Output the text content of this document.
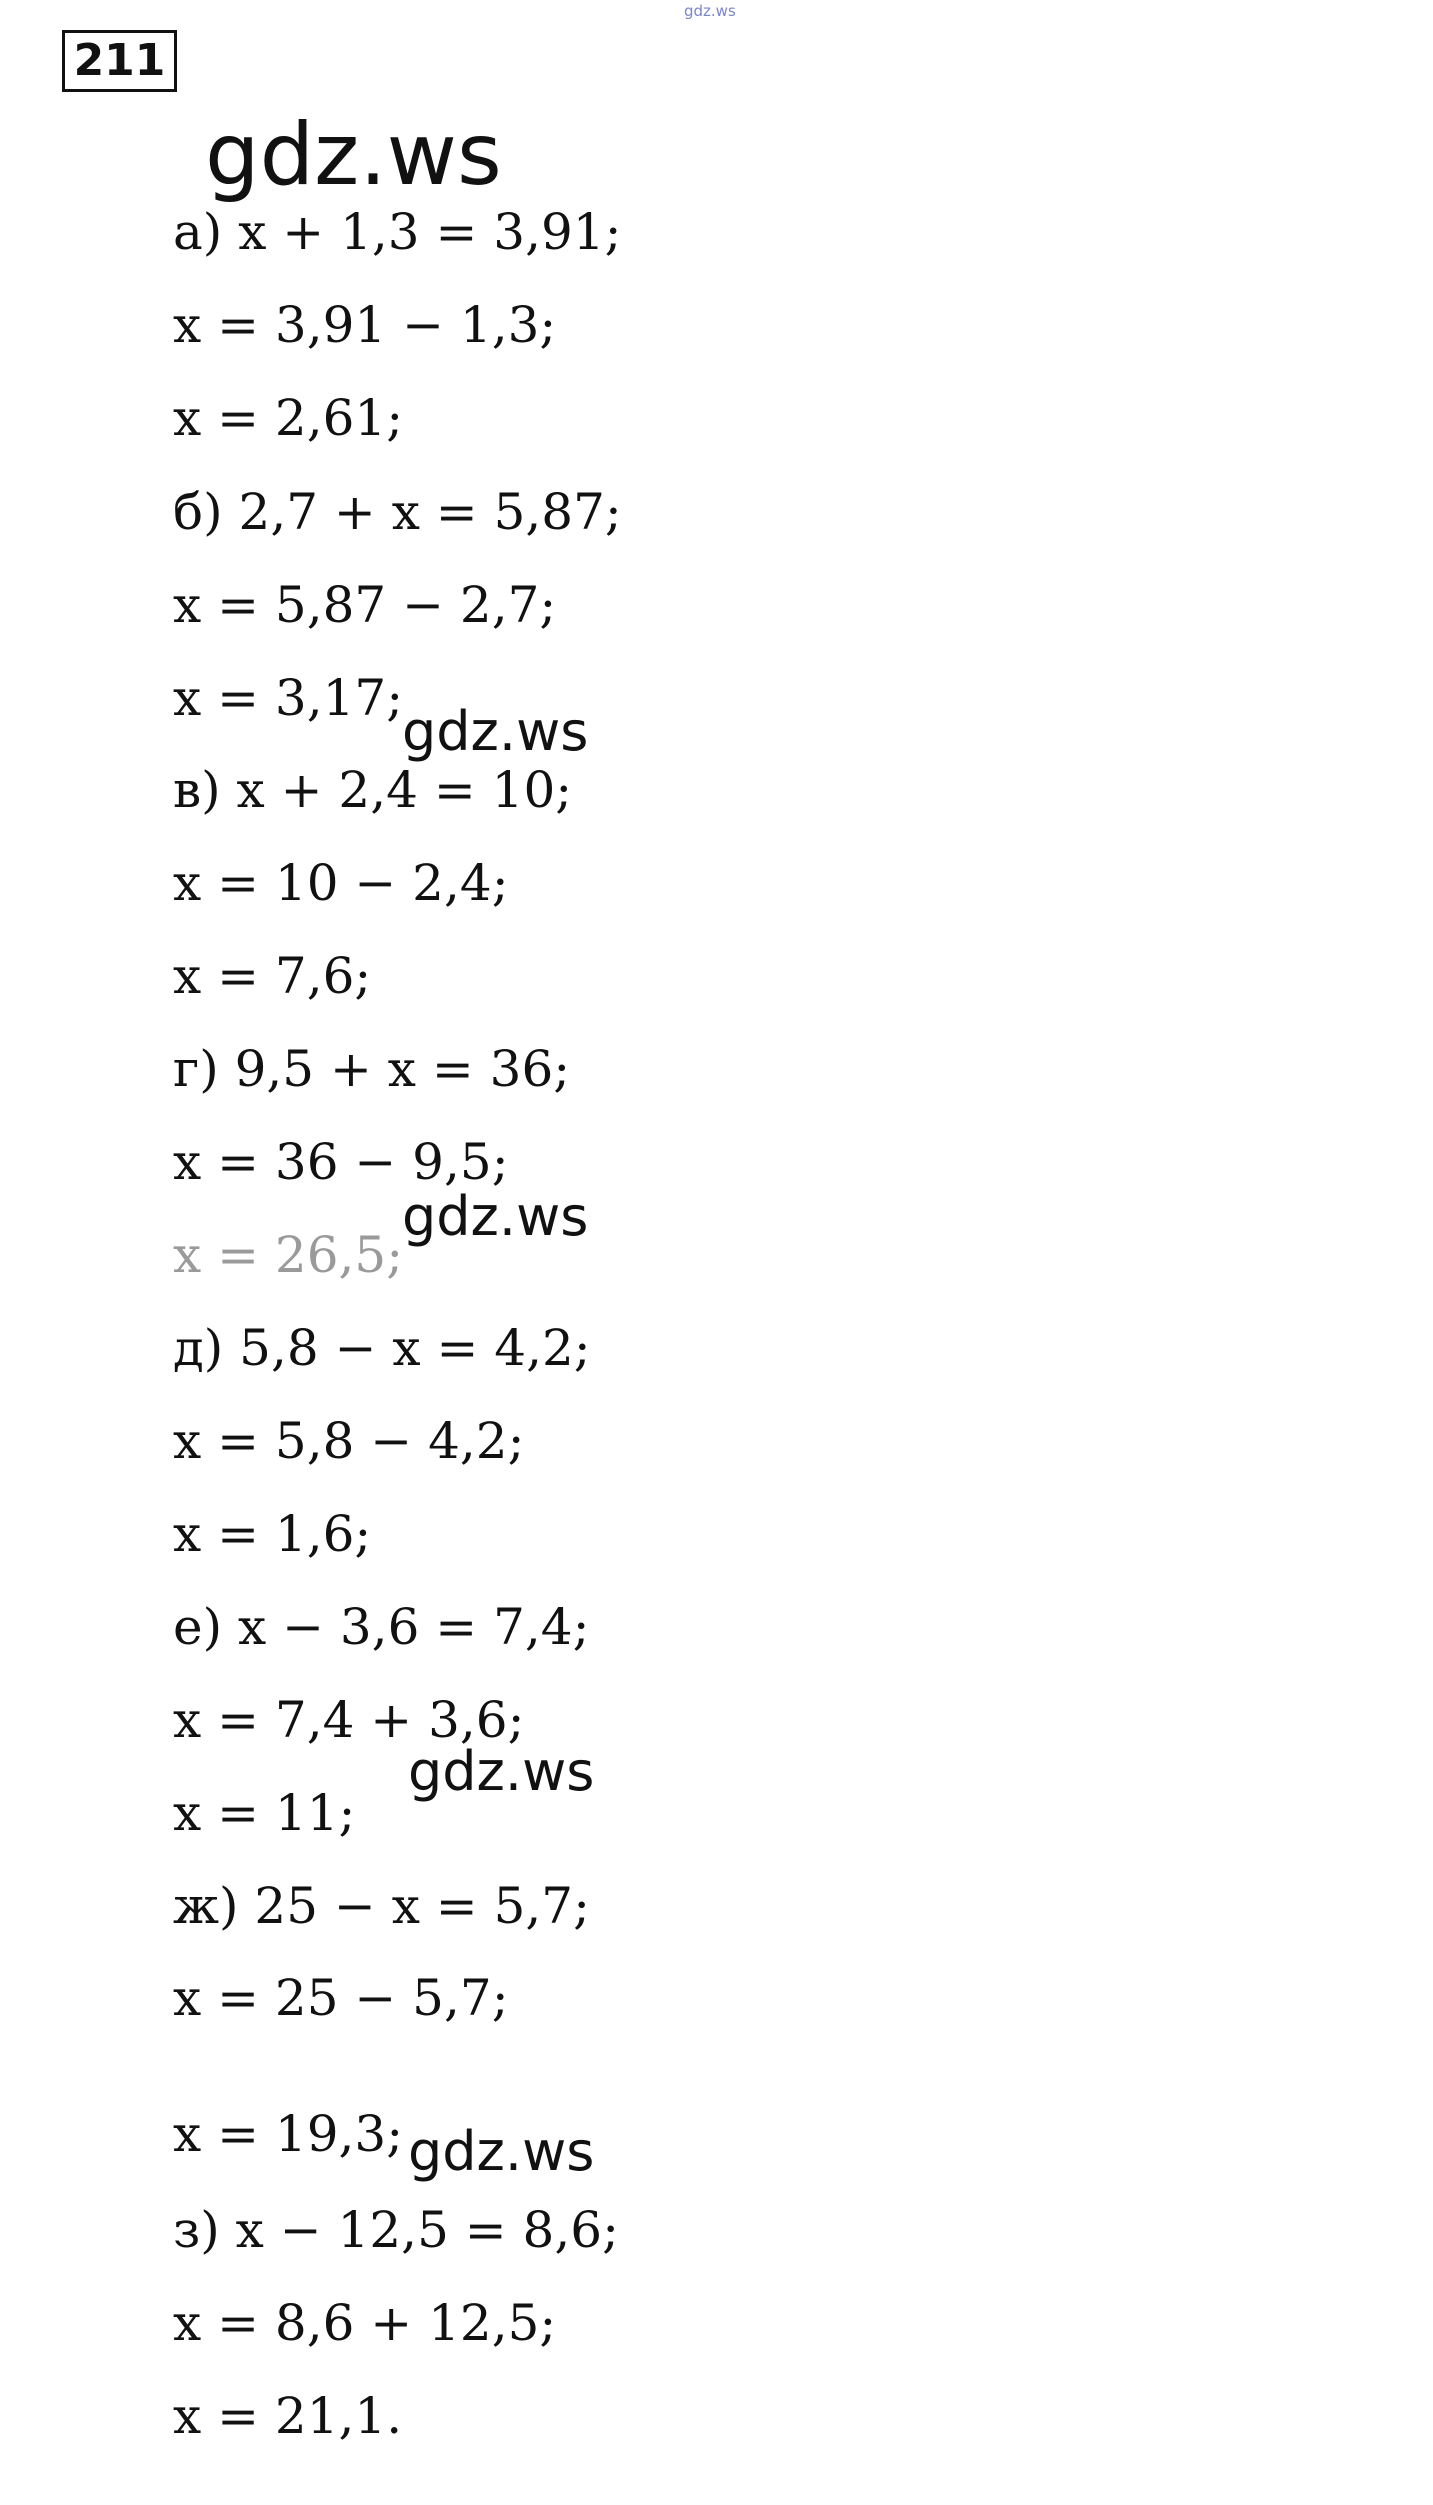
gdz.ws
211
gdz.ws
а) x + 1,3 = 3,91;
x = 3,91 − 1,3;
x = 2,61;
б) 2,7 + x = 5,87;
x = 5,87 − 2,7;
x = 3,17;
в) x + 2,4 = 10;
x = 10 − 2,4;
x = 7,6;
г) 9,5 + x = 36;
x = 36 − 9,5;
x = 26,5;
д) 5,8 − x = 4,2;
x = 5,8 − 4,2;
x = 1,6;
е) x − 3,6 = 7,4;
x = 7,4 + 3,6;
x = 11;
ж) 25 − x = 5,7;
x = 25 − 5,7;
x = 19,3;
з) x − 12,5 = 8,6;
x = 8,6 + 12,5;
x = 21,1.
gdz.ws
gdz.ws
gdz.ws
gdz.ws
